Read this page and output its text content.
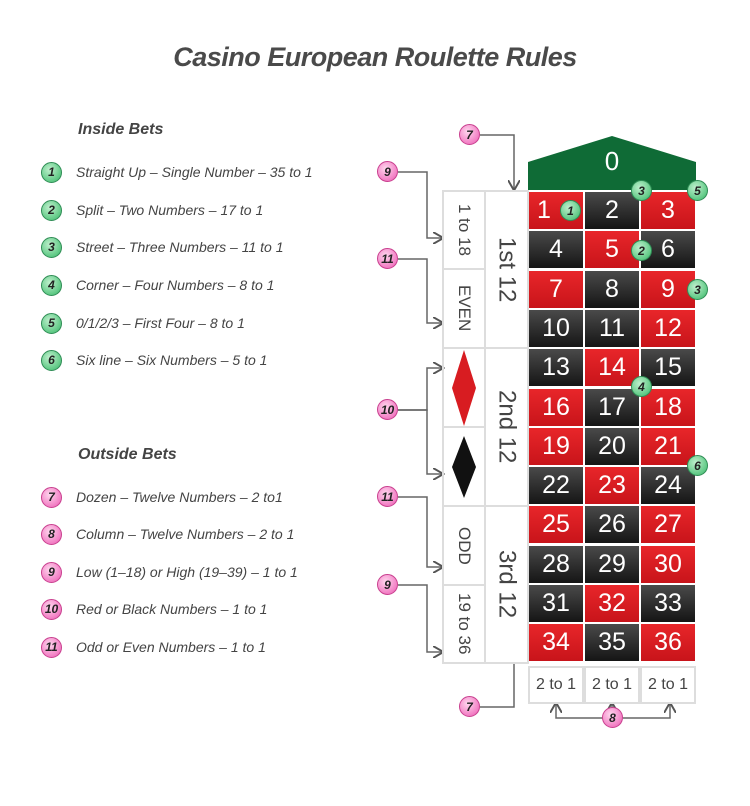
Casino European Roulette Rules
Inside Bets
1	Straight Up – Single Number – 35 to 1
2	Split – Two Numbers – 17 to 1
3	Street – Three Numbers – 11 to 1
4	Corner – Four Numbers – 8 to 1
5	0/1/2/3 – First Four – 8 to 1
6	Six line – Six Numbers – 5 to 1
Outside Bets
7	Dozen – Twelve Numbers – 2 to1
8	Column – Twelve Numbers – 2 to 1
9	Low (1–18) or High (19–39) – 1 to 1
10 Red or Black Numbers – 1 to 1
11	Odd or Even Numbers – 1 to 1
0
1	2	3
4	5	6
7	8	9
10	11	12
13	14	15
16	17	18
19	20	21
22	23	24
25	26	27
28	29	30
31	32	33
34	35	36
1 to 18
EVEN
ODD
19 to 36
1st 12
2nd 12
3rd 12
2 to 1 2 to 1 2 to 1
1
3	5
2
3
4
6
7
9
11
10
11
9
7
8
